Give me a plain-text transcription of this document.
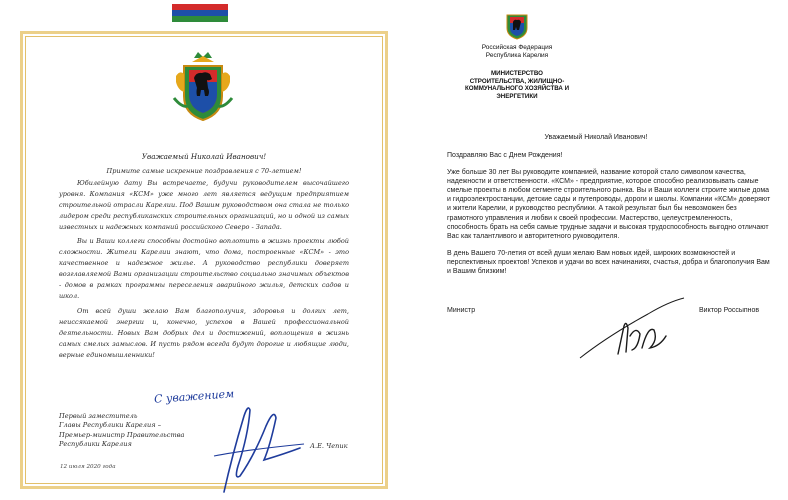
Уважаемый Николай Иванович!

Примите самые искренние поздравления с 70-летием!

Юбилейную дату Вы встречаете, будучи руководителем высочайшего уровня. Компания «КСМ» уже много лет является ведущим предприятием строительной отрасли Карелии. Под Вашим руководством она стала не только лидером среди республиканских строительных организаций, но и одной из самых известных и надежных компаний российского Северо - Запада.

Вы и Ваши коллеги способны достойно воплотить в жизнь проекты любой сложности. Жители Карелии знают, что дома, построенные «КСМ» - это качественное и надежное жилье. А руководство республики доверяет возглавляемой Вами организации строительство социально значимых объектов - домов в рамках программы переселения аварийного жилья, детских садов и школ.

От всей души желаю Вам благополучия, здоровья и долгих лет, неиссякаемой энергии и, конечно, успехов в Вашей профессиональной деятельности. Новых Вам добрых дел и достижений, воплощения в жизнь самых смелых замыслов. И пусть рядом всегда будут дорогие и любящие люди, верные единомышленники!

С уважением
Первый заместитель
Главы Республики Карелия –
Премьер-министр Правительства
Республики Карелия	А.Е. Чепик
12 июля 2020 года
Российская Федерация
Республика Карелия
МИНИСТЕРСТВО
СТРОИТЕЛЬСТВА, ЖИЛИЩНО-
КОММУНАЛЬНОГО ХОЗЯЙСТВА И
ЭНЕРГЕТИКИ
Уважаемый Николай Иванович!

Поздравляю Вас с Днем Рождения!

Уже больше 30 лет Вы руководите компанией, название которой стало символом качества, надежности и ответственности. «КСМ» - предприятие, которое способно реализовывать самые смелые проекты в любом сегменте строительного рынка. Вы и Ваши коллеги строите жилые дома и гидроэлектростанции, детские сады и путепроводы, дороги и школы. Компании «КСМ» доверяют и жители Карелии, и руководство республики. А такой результат был бы невозможен без грамотного управления и любви к своей профессии. Мастерство, целеустремленность, способность брать на себя самые трудные задачи и высокая трудоспособность выгодно отличают Вас как талантливого и авторитетного руководителя.

В день Вашего 70-летия от всей души желаю Вам новых идей, широких возможностей и перспективных проектов! Успехов и удачи во всех начинаниях, счастья, добра и благополучия Вам и Вашим близким!

Министр	Виктор Россыпнов
